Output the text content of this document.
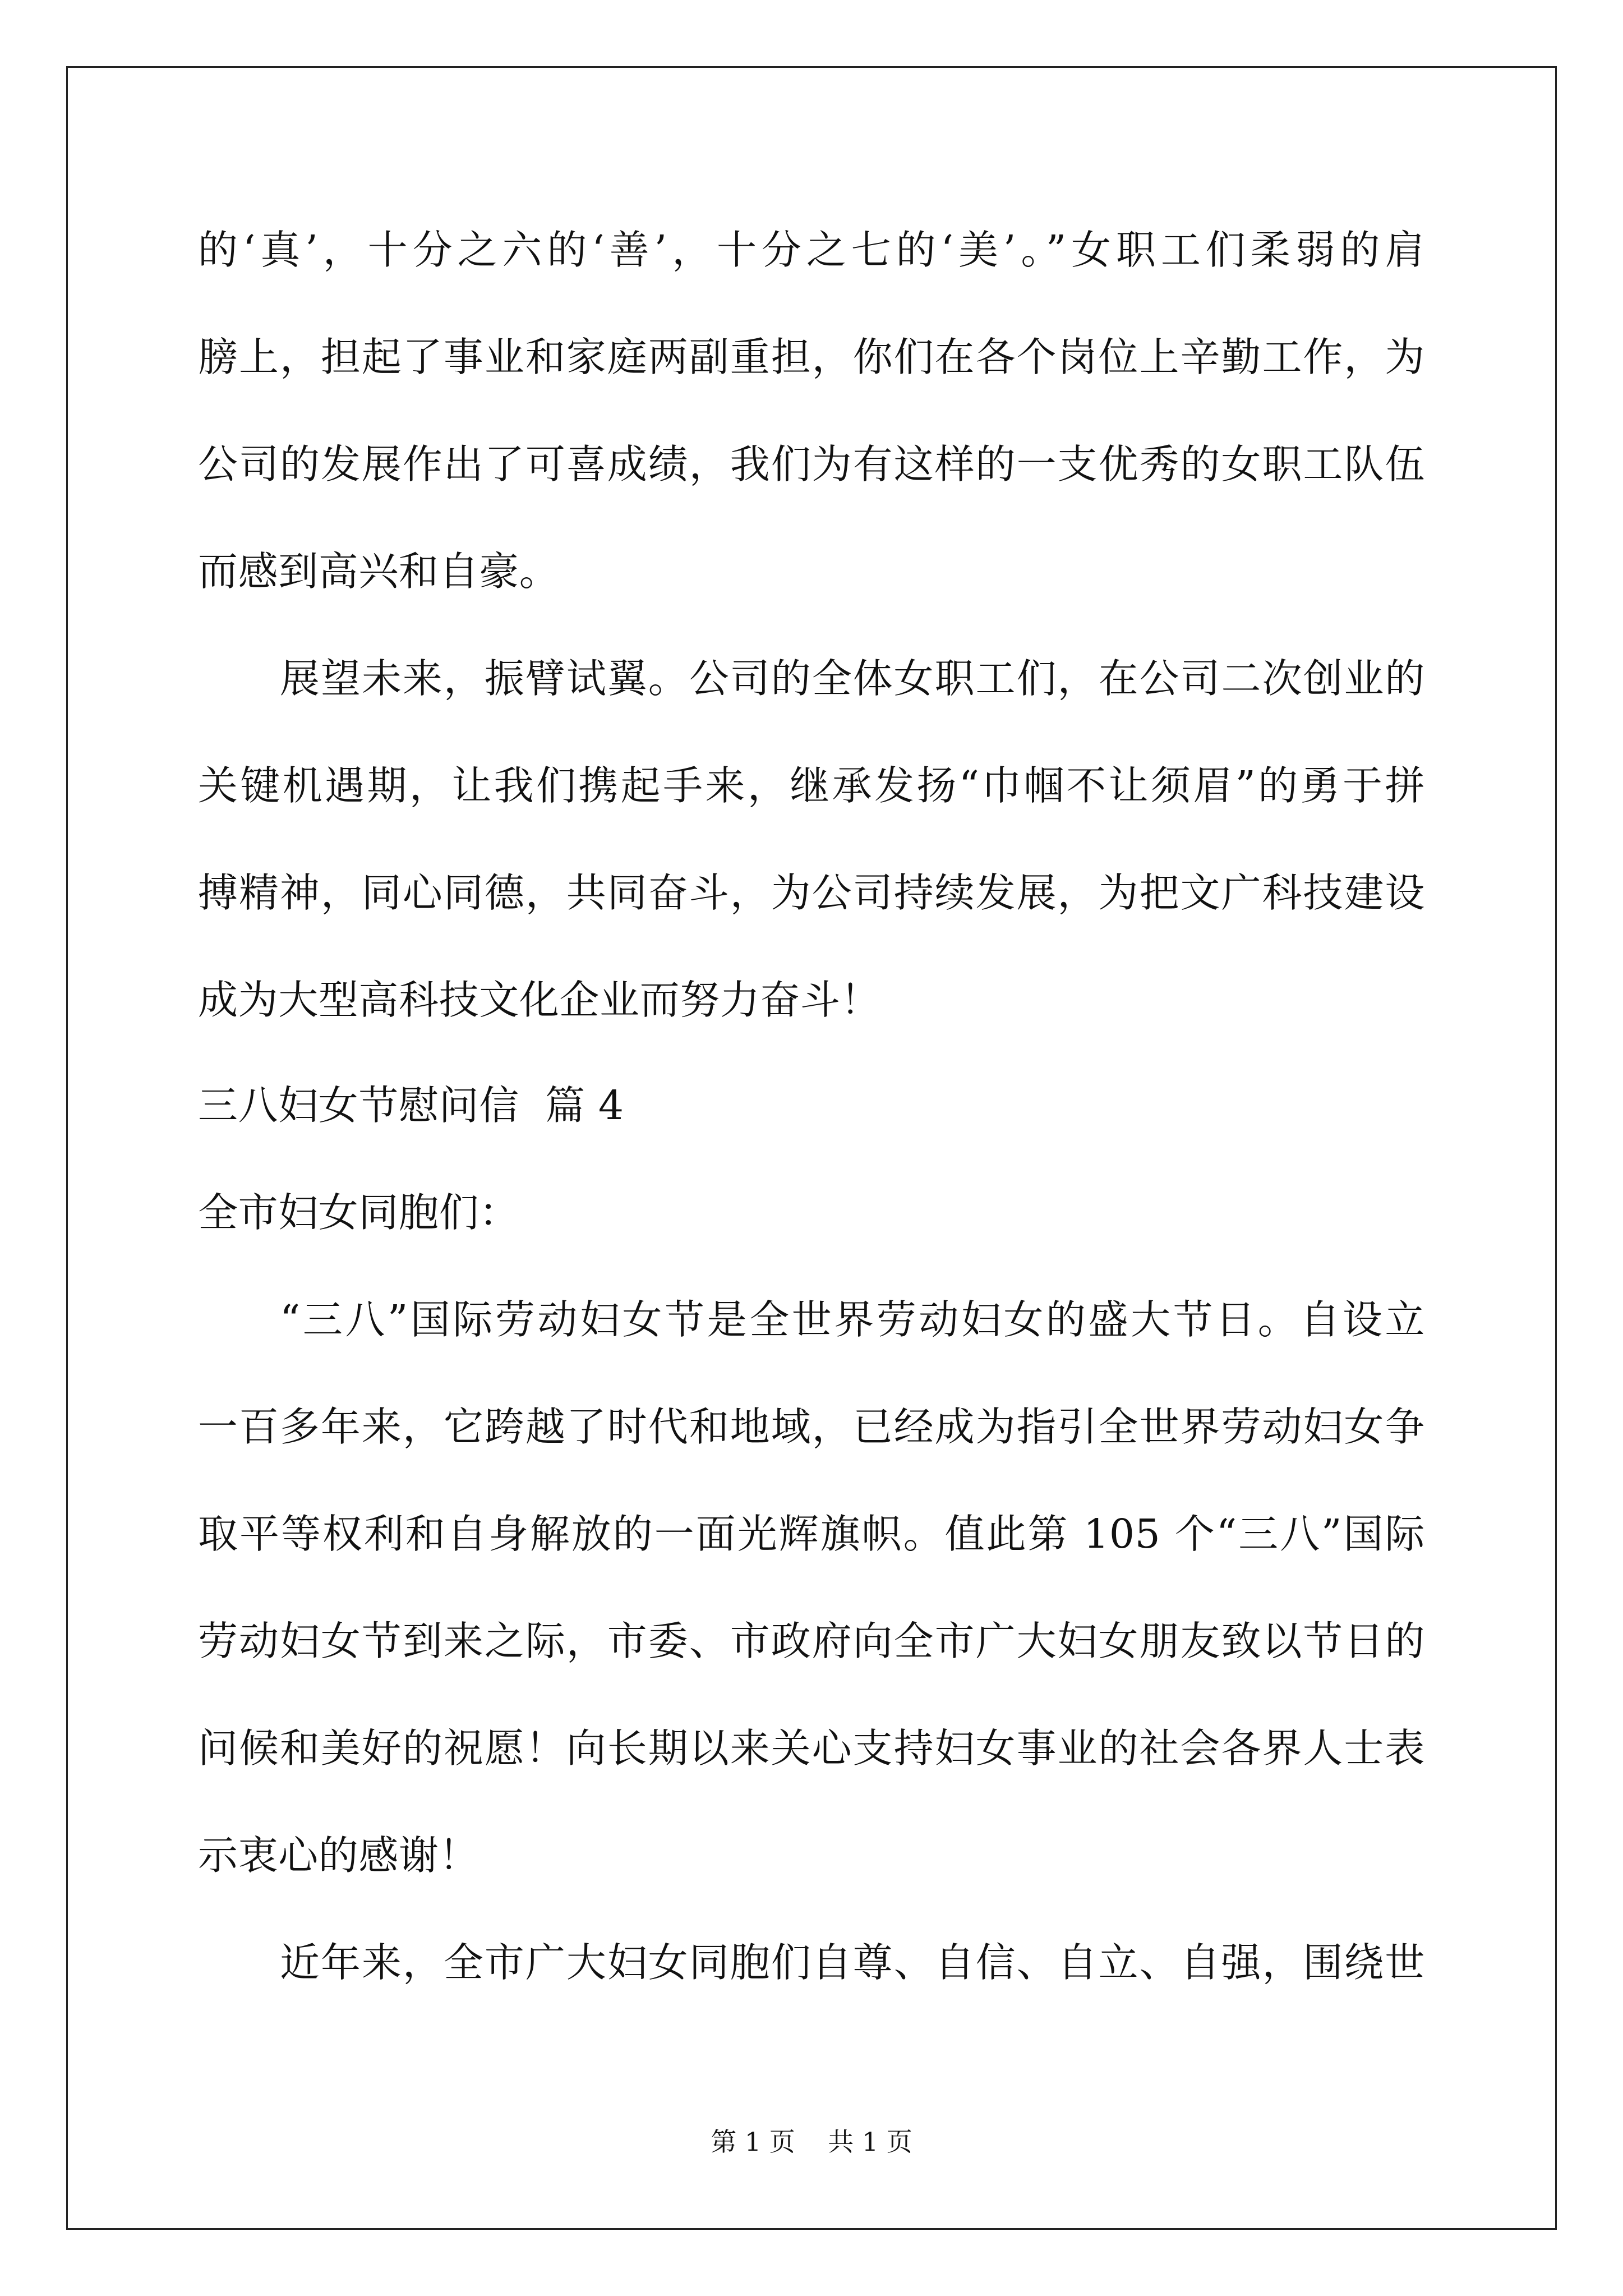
的‘真’，十分之六的‘善’，十分之七的‘美’。”女职工们柔弱的肩
膀上，担起了事业和家庭两副重担，你们在各个岗位上辛勤工作，为
公司的发展作出了可喜成绩，我们为有这样的一支优秀的女职工队伍
而感到高兴和自豪。
展望未来，振臂试翼。公司的全体女职工们，在公司二次创业的
关键机遇期，让我们携起手来，继承发扬“巾帼不让须眉”的勇于拼
搏精神，同心同德，共同奋斗，为公司持续发展，为把文广科技建设
成为大型高科技文化企业而努力奋斗！
三八妇女节慰问信  篇 4
全市妇女同胞们：
“三八”国际劳动妇女节是全世界劳动妇女的盛大节日。自设立
一百多年来，它跨越了时代和地域，已经成为指引全世界劳动妇女争
取平等权利和自身解放的一面光辉旗帜。值此第 105 个“三八”国际
劳动妇女节到来之际，市委、市政府向全市广大妇女朋友致以节日的
问候和美好的祝愿！向长期以来关心支持妇女事业的社会各界人士表
示衷心的感谢！
近年来，全市广大妇女同胞们自尊、自信、自立、自强，围绕世
第 1 页    共 1 页
